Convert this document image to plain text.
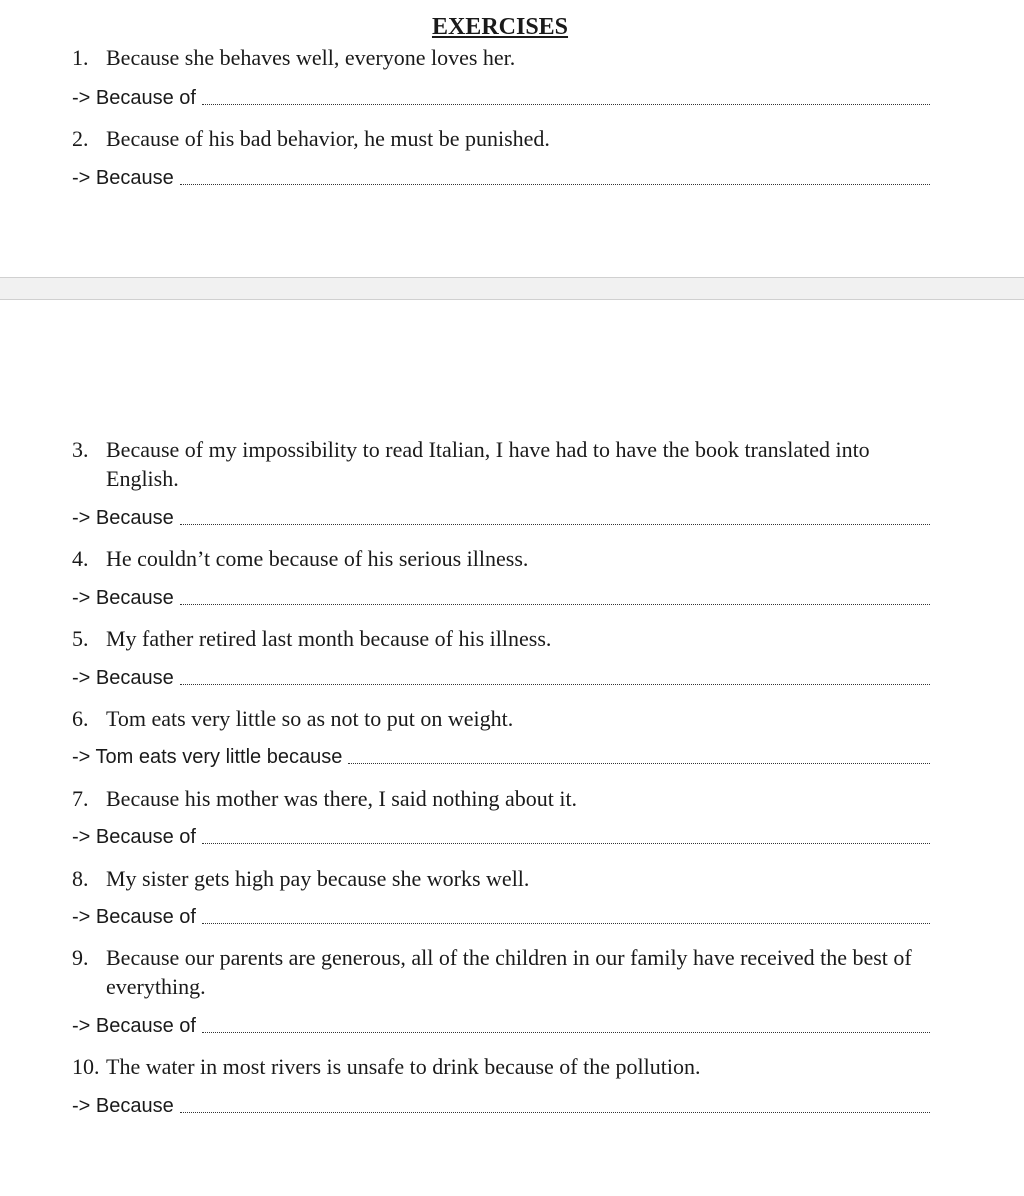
EXERCISES
1. Because she behaves well, everyone loves her.
-> Because of
2. Because of his bad behavior, he must be punished.
-> Because
3. Because of my impossibility to read Italian, I have had to have the book translated into English.
-> Because
4. He couldn’t come because of his serious illness.
-> Because
5. My father retired last month because of his illness.
-> Because
6. Tom eats very little so as not to put on weight.
-> Tom eats very little because
7. Because his mother was there, I said nothing about it.
-> Because of
8. My sister gets high pay because she works well.
-> Because of
9. Because our parents are generous, all of the children in our family have received the best of everything.
-> Because of
10. The water in most rivers is unsafe to drink because of the pollution.
-> Because
